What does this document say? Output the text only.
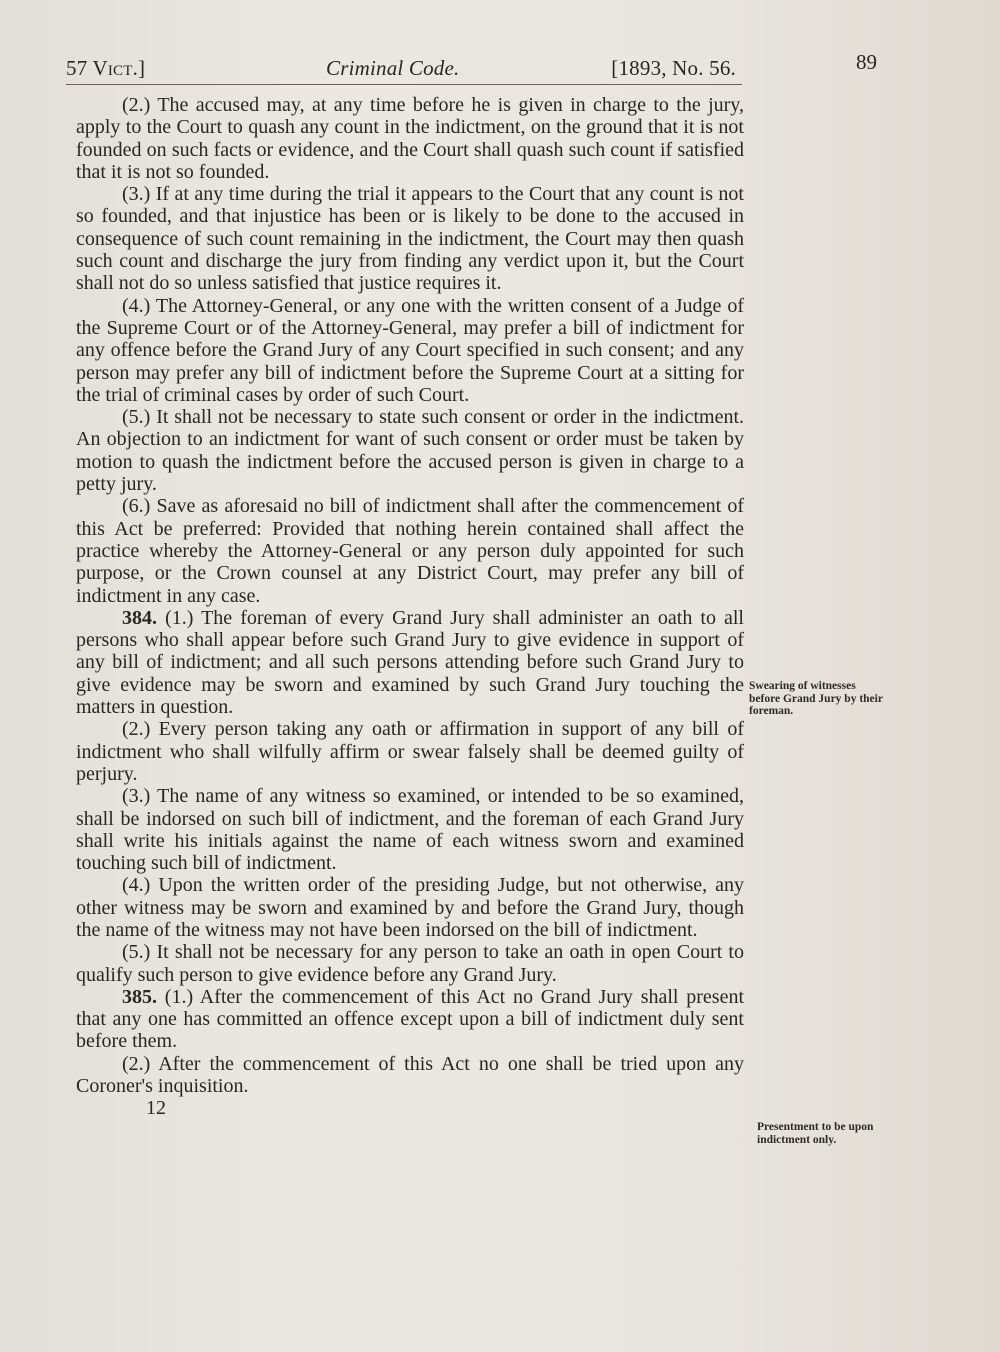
57 Vict.]	Criminal Code.	[1893, No. 56.	89

(2.) The accused may, at any time before he is given in charge to the jury, apply to the Court to quash any count in the indictment, on the ground that it is not founded on such facts or evidence, and the Court shall quash such count if satisfied that it is not so founded.

(3.) If at any time during the trial it appears to the Court that any count is not so founded, and that injustice has been or is likely to be done to the accused in consequence of such count remaining in the indictment, the Court may then quash such count and discharge the jury from finding any verdict upon it, but the Court shall not do so unless satisfied that justice requires it.

(4.) The Attorney-General, or any one with the written consent of a Judge of the Supreme Court or of the Attorney-General, may prefer a bill of indictment for any offence before the Grand Jury of any Court specified in such consent; and any person may prefer any bill of indictment before the Supreme Court at a sitting for the trial of criminal cases by order of such Court.

(5.) It shall not be necessary to state such consent or order in the indictment. An objection to an indictment for want of such consent or order must be taken by motion to quash the indictment before the accused person is given in charge to a petty jury.

(6.) Save as aforesaid no bill of indictment shall after the commencement of this Act be preferred: Provided that nothing herein contained shall affect the practice whereby the Attorney-General or any person duly appointed for such purpose, or the Crown counsel at any District Court, may prefer any bill of indictment in any case.

384. (1.) The foreman of every Grand Jury shall administer an oath to all persons who shall appear before such Grand Jury to give evidence in support of any bill of indictment; and all such persons attending before such Grand Jury to give evidence may be sworn and examined by such Grand Jury touching the matters in question.

(2.) Every person taking any oath or affirmation in support of any bill of indictment who shall wilfully affirm or swear falsely shall be deemed guilty of perjury.

(3.) The name of any witness so examined, or intended to be so examined, shall be indorsed on such bill of indictment, and the foreman of each Grand Jury shall write his initials against the name of each witness sworn and examined touching such bill of indictment.

(4.) Upon the written order of the presiding Judge, but not otherwise, any other witness may be sworn and examined by and before the Grand Jury, though the name of the witness may not have been indorsed on the bill of indictment.

(5.) It shall not be necessary for any person to take an oath in open Court to qualify such person to give evidence before any Grand Jury.

385. (1.) After the commencement of this Act no Grand Jury shall present that any one has committed an offence except upon a bill of indictment duly sent before them.

(2.) After the commencement of this Act no one shall be tried upon any Coroner's inquisition.

12

Swearing of witnesses before Grand Jury by their foreman.
Presentment to be upon indictment only.
